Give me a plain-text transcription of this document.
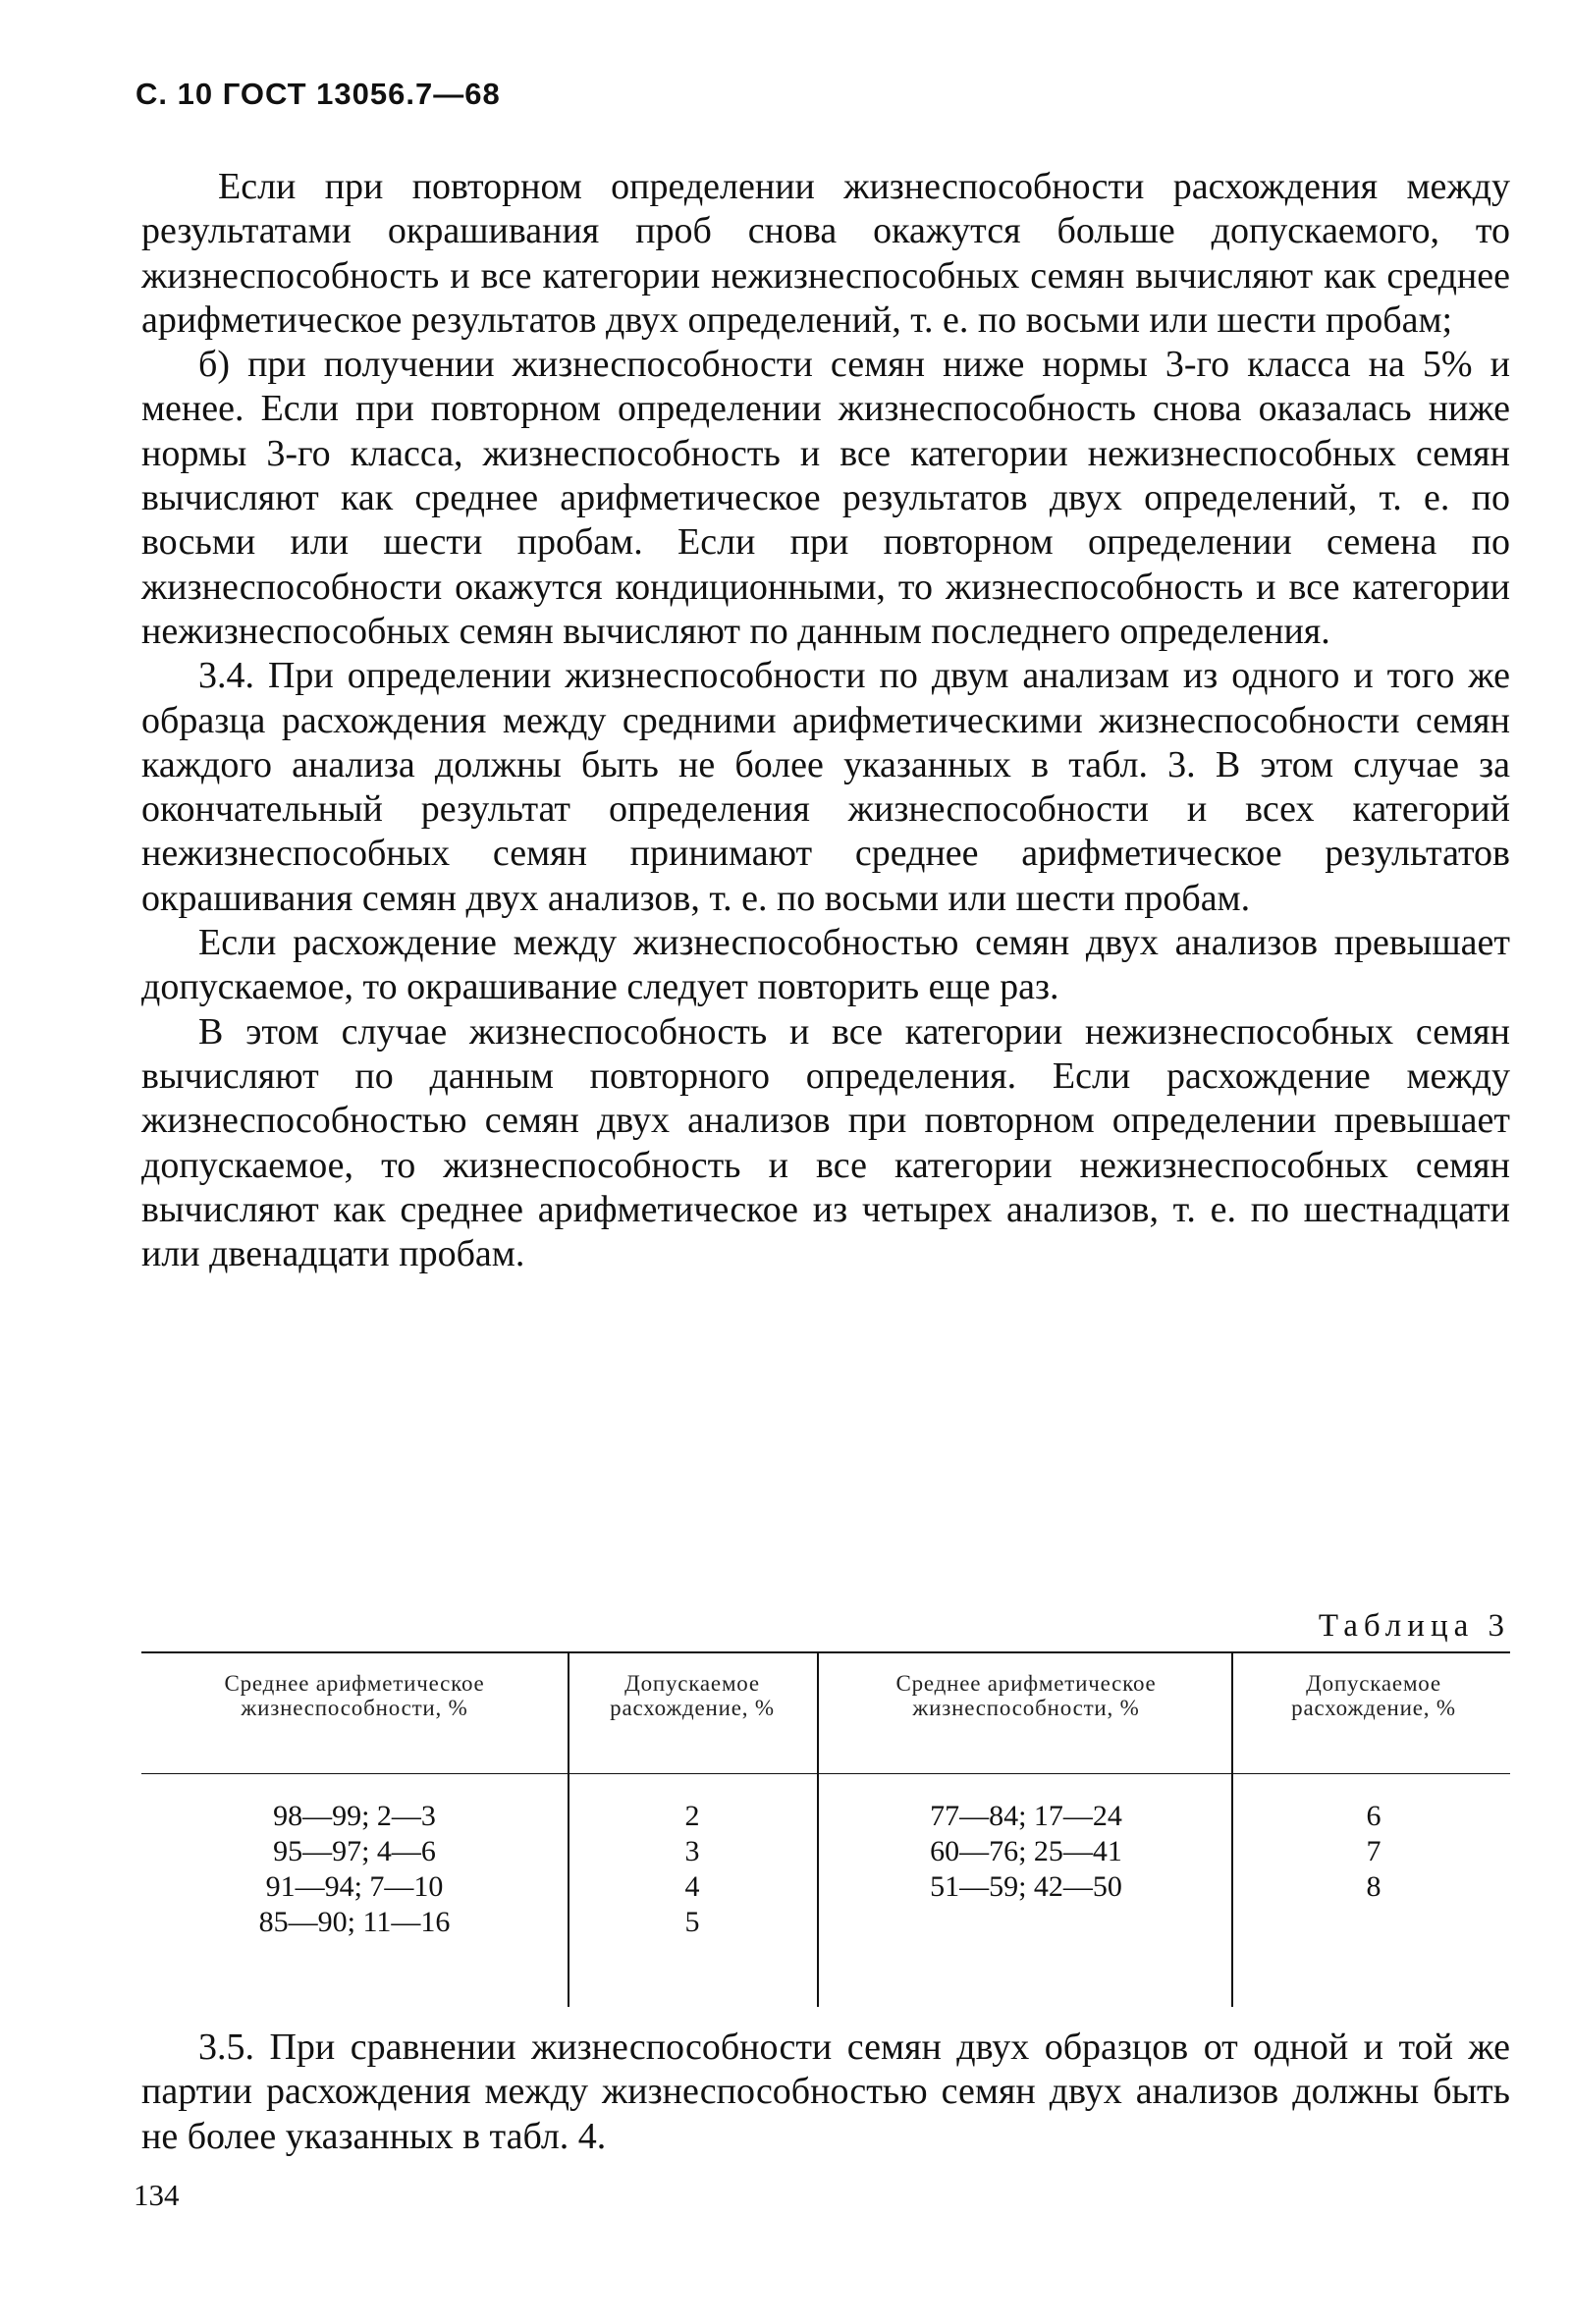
С. 10 ГОСТ 13056.7—68

Если при повторном определении жизнеспособности расхождения между результатами окрашивания проб снова окажутся больше допускаемого, то жизнеспособность и все категории нежизнеспособных семян вычисляют как среднее арифметическое результатов двух определений, т. е. по восьми или шести пробам;

б) при получении жизнеспособности семян ниже нормы 3-го класса на 5% и менее. Если при повторном определении жизнеспособность снова оказалась ниже нормы 3-го класса, жизнеспособность и все категории нежизнеспособных семян вычисляют как среднее арифметическое результатов двух определений, т. е. по восьми или шести пробам. Если при повторном определении семена по жизнеспособности окажутся кондиционными, то жизнеспособность и все категории нежизнеспособных семян вычисляют по данным последнего определения.

3.4. При определении жизнеспособности по двум анализам из одного и того же образца расхождения между средними арифметическими жизнеспособности семян каждого анализа должны быть не более указанных в табл. 3. В этом случае за окончательный результат определения жизнеспособности и всех категорий нежизнеспособных семян принимают среднее арифметическое результатов окрашивания семян двух анализов, т. е. по восьми или шести пробам.

Если расхождение между жизнеспособностью семян двух анализов превышает допускаемое, то окрашивание следует повторить еще раз.

В этом случае жизнеспособность и все категории нежизнеспособных семян вычисляют по данным повторного определения. Если расхождение между жизнеспособностью семян двух анализов при повторном определении превышает допускаемое, то жизнеспособность и все категории нежизнеспособных семян вычисляют как среднее арифметическое из четырех анализов, т. е. по шестнадцати или двенадцати пробам.

Таблица 3
Среднее арифметическое жизнеспособности, %
Допускаемое расхождение, %
Среднее арифметическое жизнеспособности, %
Допускаемое расхождение, %
98—99; 2—3
95—97; 4—6
91—94; 7—10
85—90; 11—16
2
3
4
5
77—84; 17—24
60—76; 25—41
51—59; 42—50
6
7
8

3.5. При сравнении жизнеспособности семян двух образцов от одной и той же партии расхождения между жизнеспособностью семян двух анализов должны быть не более указанных в табл. 4.

134
